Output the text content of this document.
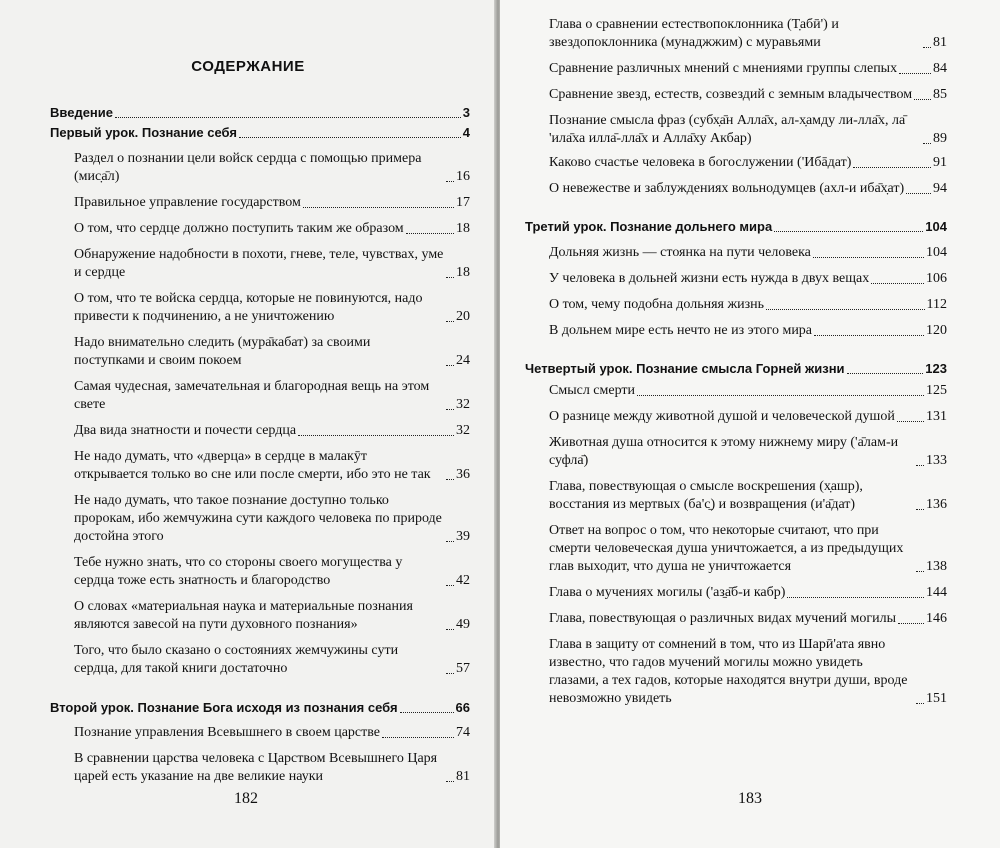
СОДЕРЖАНИЕ
Введение	3
Первый урок. Познание себя	4
Раздел о познании цели войск сердца с помощью примера (мис̣а̄л)	16
Правильное управление государством	17
О том, что сердце должно поступить таким же образом	18
Обнаружение надобности в похоти, гневе, теле, чувствах, уме и сердце	18
О том, что те войска сердца, которые не повинуются, надо привести к подчинению, а не уничтожению	20
Надо внимательно следить (мура̄кабат) за своими поступками и своим покоем	24
Самая чудесная, замечательная и благородная вещь на этом свете	32
Два вида знатности и почести сердца	32
Не надо думать, что «дверца» в сердце в малакӯт открывается только во сне или после смерти, ибо это не так	36
Не надо думать, что такое познание доступно только пророкам, ибо жемчужина сути каждого человека по природе достойна этого	39
Тебе нужно знать, что со стороны своего могущества у сердца тоже есть знатность и благородство	42
О словах «материальная наука и материальные познания являются завесой на пути духовного познания»	49
Того, что было сказано о состояниях жемчужины сути сердца, для такой книги достаточно	57
Второй урок. Познание Бога исходя из познания себя	66
Познание управления Всевышнего в своем царстве	74
В сравнении царства человека с Царством Всевышнего Царя царей есть указание на две великие науки	81
182
Глава о сравнении естествопоклонника (Т̣абӣ') и звездопоклонника (мунаджжим) с муравьями	81
Сравнение различных мнений с мнениями группы слепых	84
Сравнение звезд, естеств, созвездий с земным владычеством 85
Познание смысла фраз (субх̣а̄н Алла̄х, ал-х̣амду ли-лла̄х, ла̄ 'ила̄ха илла̄-лла̄х и Алла̄ху Акбар)	89
Каково счастье человека в богослужении ('Ибāдат)	91
О невежестве и заблуждениях вольнодумцев (ахл-и иба̄х̣ат) 94
Третий урок. Познание дольнего мира	104
Дольняя жизнь — стоянка на пути человека	104
У человека в дольней жизни есть нужда в двух вещах	106
О том, чему подобна дольняя жизнь	112
В дольнем мире есть нечто не из этого мира	120
Четвертый урок. Познание смысла Горней жизни	123
Смысл смерти	125
О разнице между животной душой и человеческой душой 131
Животная душа относится к этому нижнему миру ('а̄лам-и суфла̄)	133
Глава, повествующая о смысле воскрешения (х̣ашр), восстания из мертвых (ба'с̱) и возвращения (и'а̄дат)	136
Ответ на вопрос о том, что некоторые считают, что при смерти человеческая душа уничтожается, а из предыдущих глав выходит, что душа не уничтожается	138
Глава о мучениях могилы ('аз̱а̄б-и кабр)	144
Глава, повествующая о различных видах мучений могилы 146
Глава в защиту от сомнений в том, что из Шарӣ'ата явно известно, что гадов мучений могилы можно увидеть глазами, а тех гадов, которые находятся внутри души, вроде невозможно увидеть	151
183
